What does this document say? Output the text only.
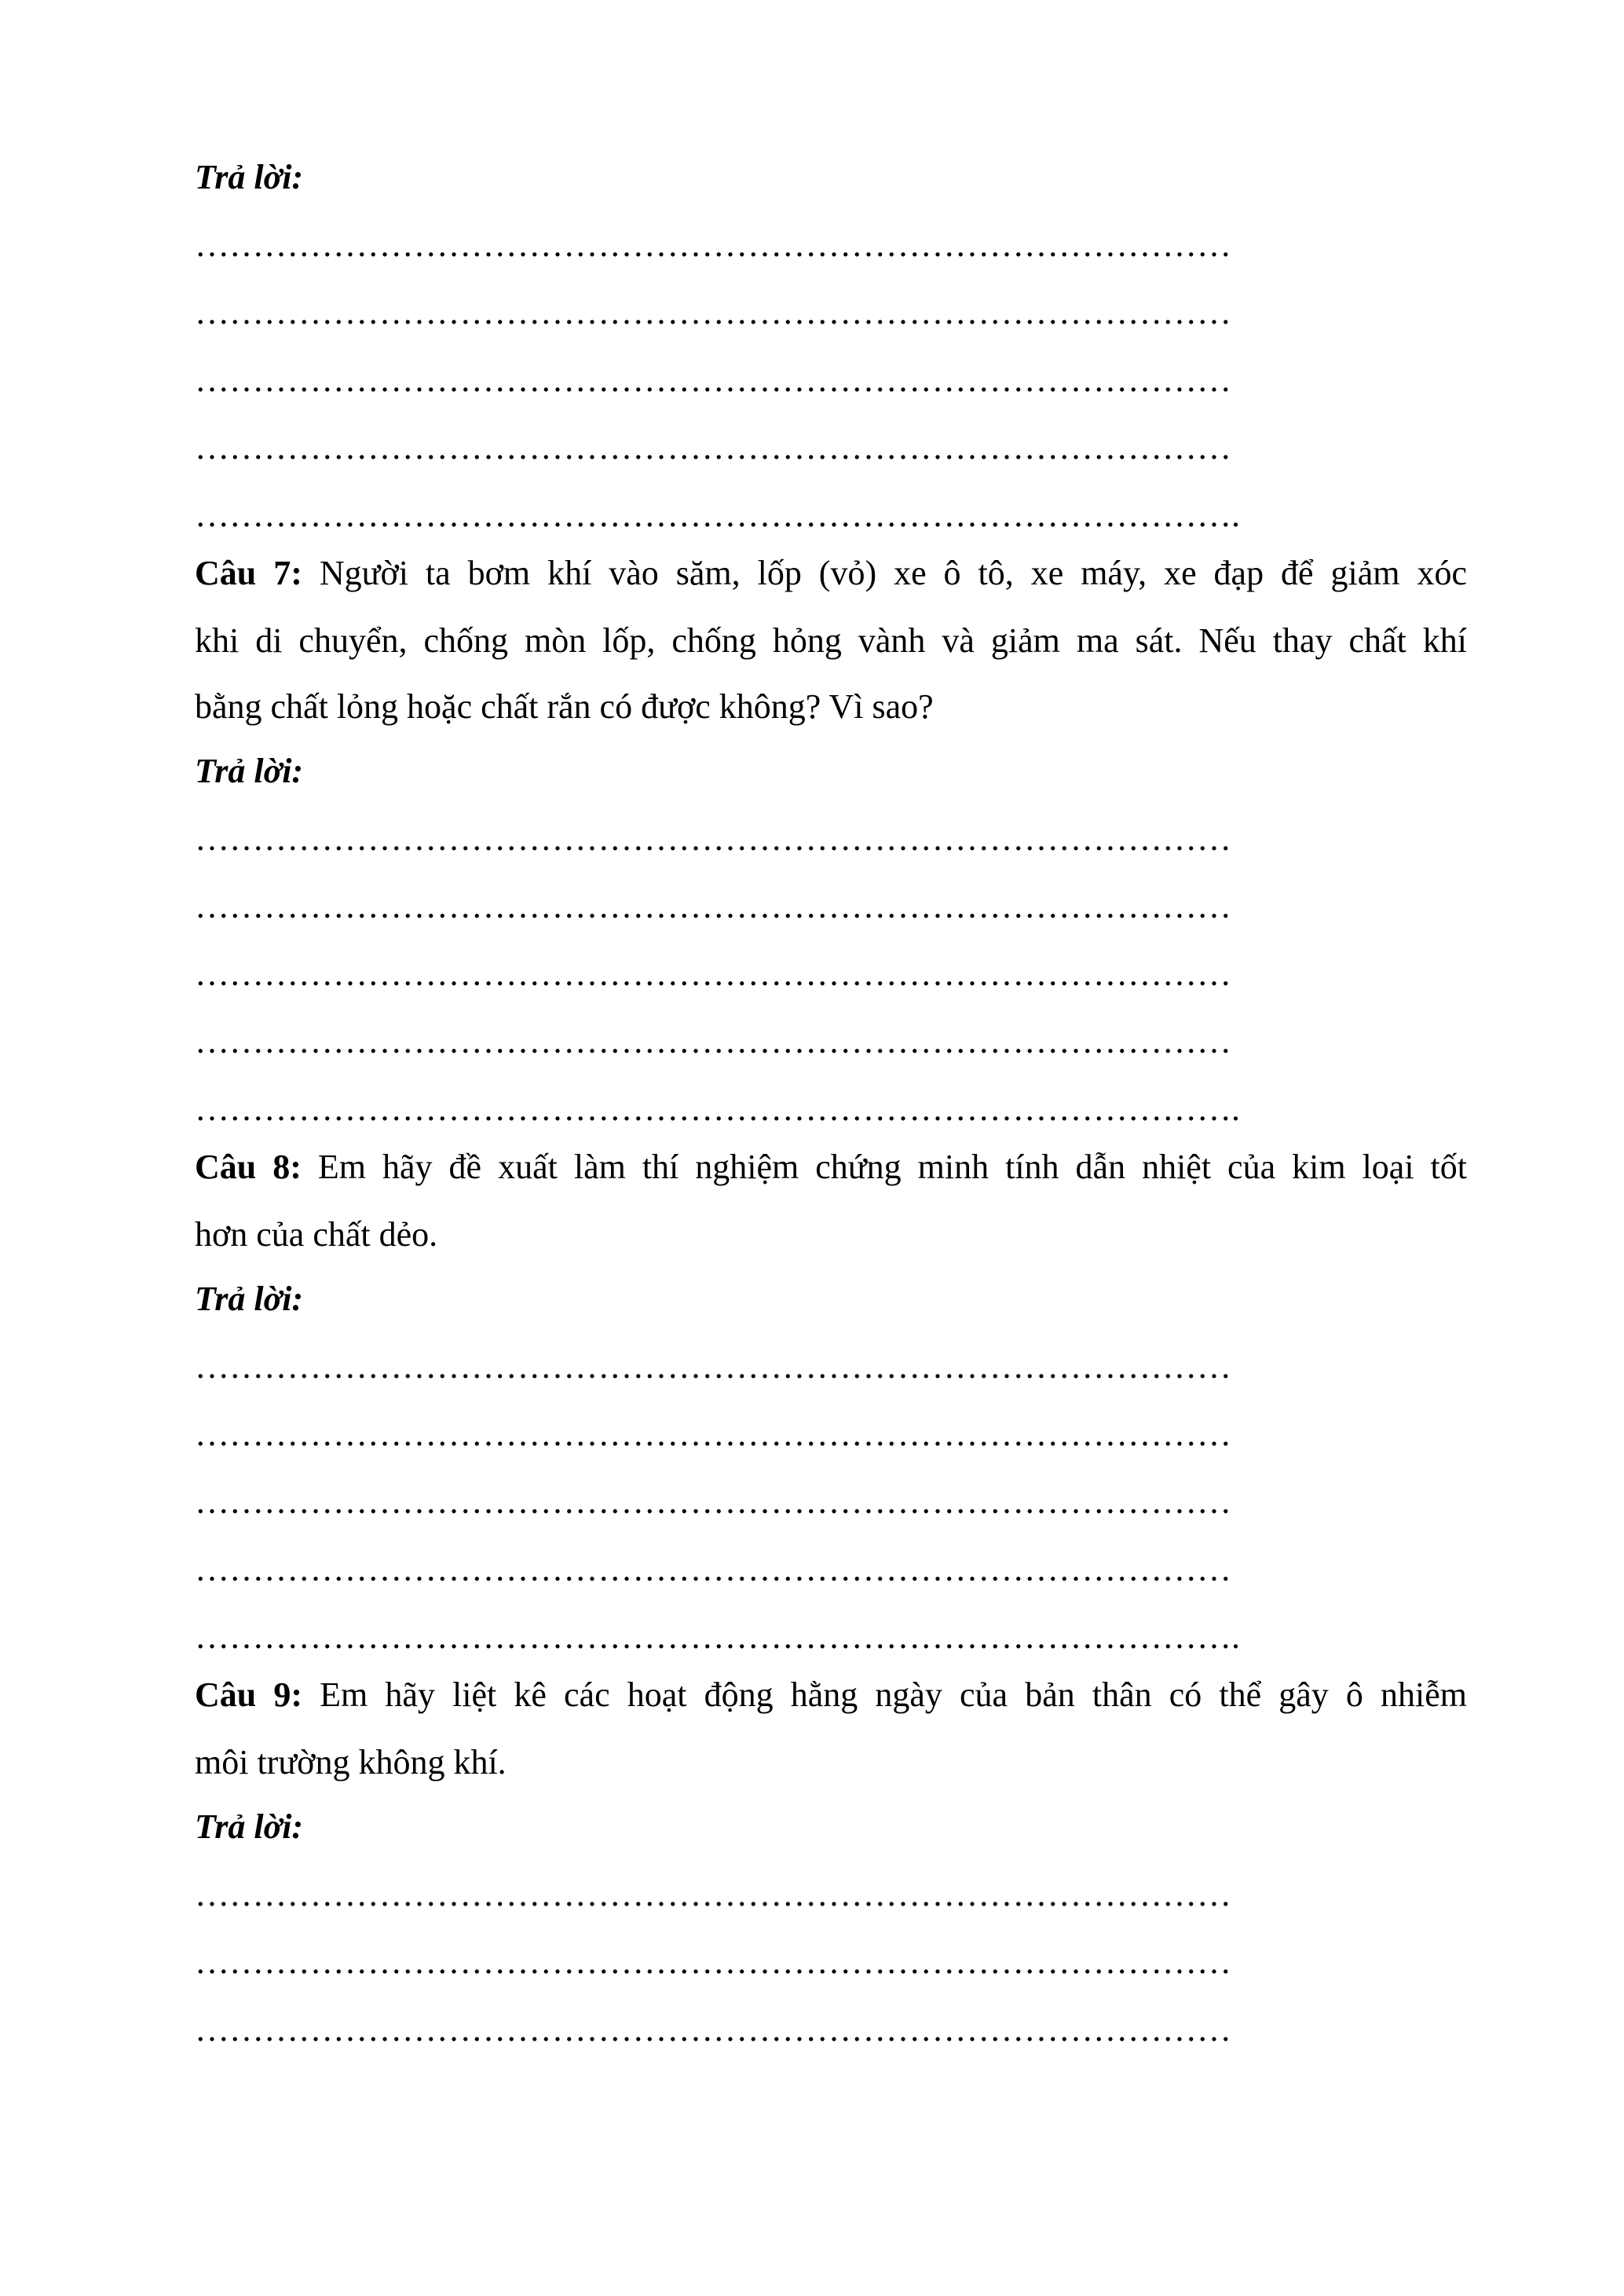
Trả lời:
………………………………………………………………………………
………………………………………………………………………………
………………………………………………………………………………
………………………………………………………………………………
……………………………………………………………………………….
Câu 7: Người ta bơm khí vào săm, lốp (vỏ) xe ô tô, xe máy, xe đạp để giảm xóc
khi di chuyển, chống mòn lốp, chống hỏng vành và giảm ma sát. Nếu thay chất khí
bằng chất lỏng hoặc chất rắn có được không? Vì sao?
Trả lời:
………………………………………………………………………………
………………………………………………………………………………
………………………………………………………………………………
………………………………………………………………………………
……………………………………………………………………………….
Câu 8: Em hãy đề xuất làm thí nghiệm chứng minh tính dẫn nhiệt của kim loại tốt
hơn của chất dẻo.
Trả lời:
………………………………………………………………………………
………………………………………………………………………………
………………………………………………………………………………
………………………………………………………………………………
……………………………………………………………………………….
Câu 9: Em hãy liệt kê các hoạt động hằng ngày của bản thân có thể gây ô nhiễm
môi trường không khí.
Trả lời:
………………………………………………………………………………
………………………………………………………………………………
………………………………………………………………………………
